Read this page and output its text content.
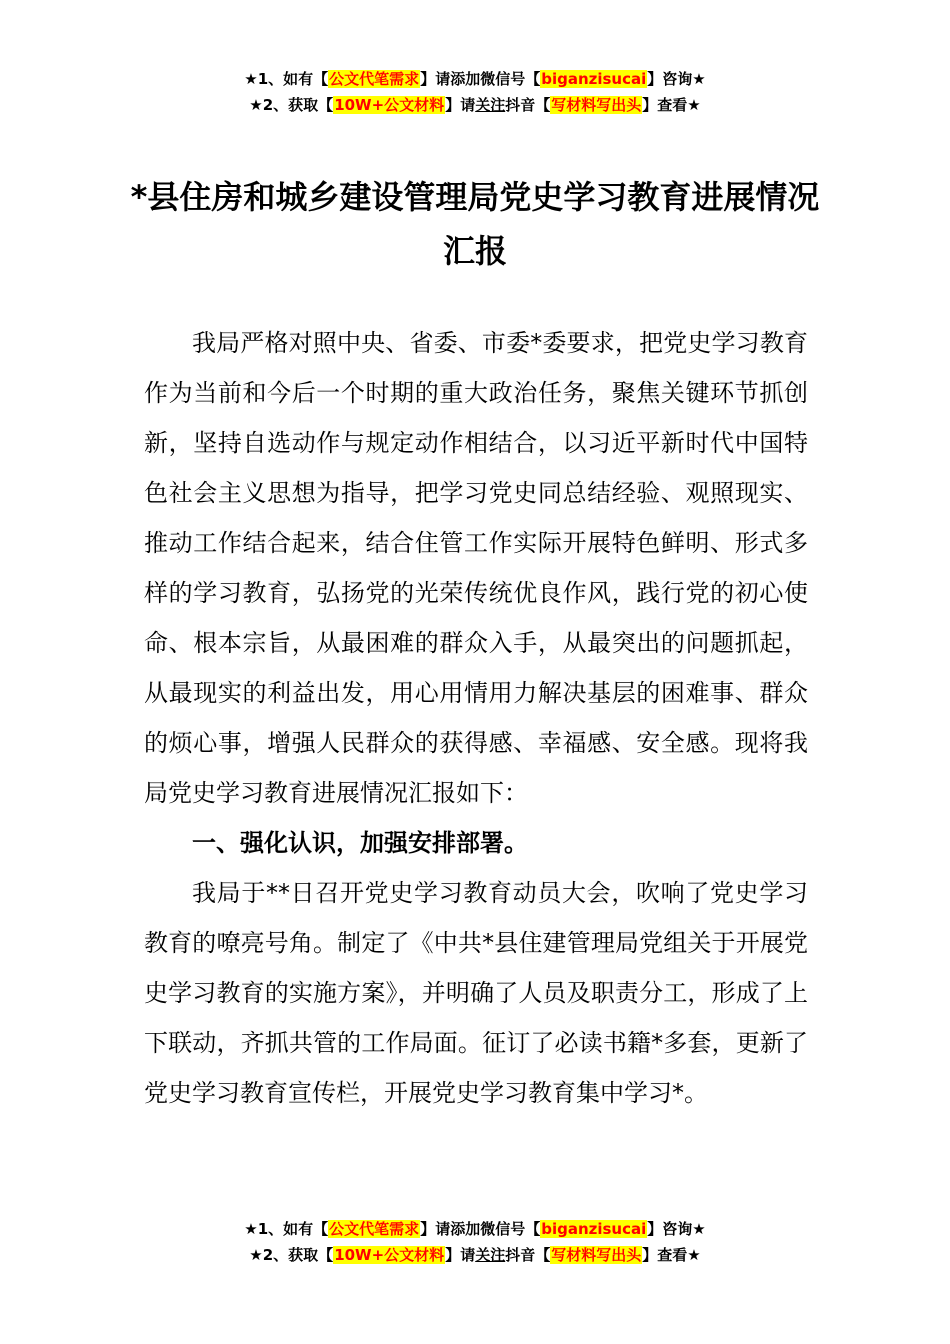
★1、如有【公文代笔需求】请添加微信号【biganzisucai】咨询★
★2、获取【10W+公文材料】请关注抖音【写材料写出头】查看★
*县住房和城乡建设管理局党史学习教育进展情况汇报

我局严格对照中央、省委、市委*委要求，把党史学习教育作为当前和今后一个时期的重大政治任务，聚焦关键环节抓创新，坚持自选动作与规定动作相结合，以习近平新时代中国特色社会主义思想为指导，把学习党史同总结经验、观照现实、推动工作结合起来，结合住管工作实际开展特色鲜明、形式多样的学习教育，弘扬党的光荣传统优良作风，践行党的初心使命、根本宗旨，从最困难的群众入手，从最突出的问题抓起，从最现实的利益出发，用心用情用力解决基层的困难事、群众的烦心事，增强人民群众的获得感、幸福感、安全感。现将我局党史学习教育进展情况汇报如下：

一、强化认识，加强安排部署。

我局于**日召开党史学习教育动员大会，吹响了党史学习教育的嘹亮号角。制定了《中共*县住建管理局党组关于开展党史学习教育的实施方案》，并明确了人员及职责分工，形成了上下联动，齐抓共管的工作局面。征订了必读书籍*多套，更新了党史学习教育宣传栏，开展党史学习教育集中学习*。

★1、如有【公文代笔需求】请添加微信号【biganzisucai】咨询★
★2、获取【10W+公文材料】请关注抖音【写材料写出头】查看★
